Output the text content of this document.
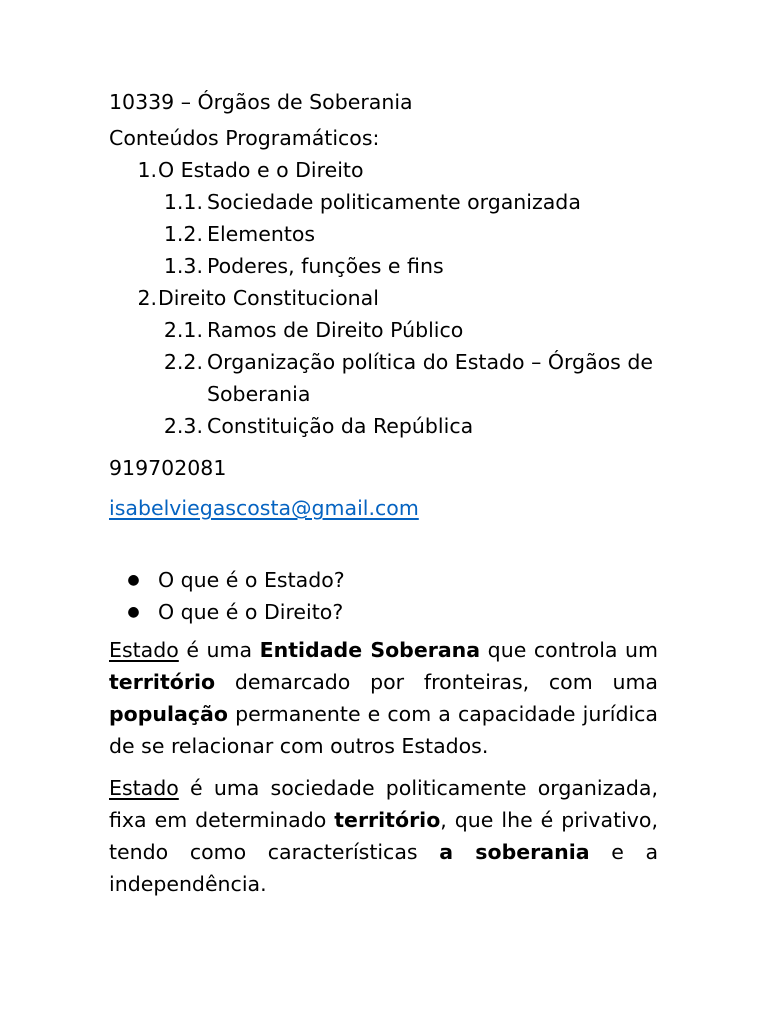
10339 – Órgãos de Soberania
Conteúdos Programáticos:
1.O Estado e o Direito
1.1. Sociedade politicamente organizada
1.2. Elementos
1.3. Poderes, funções e fins
2.Direito Constitucional
2.1. Ramos de Direito Público
2.2. Organização política do Estado – Órgãos de
Soberania
2.3. Constituição da República
919702081
isabelviegascosta@gmail.com
● O que é o Estado?
● O que é o Direito?

Estado é uma Entidade Soberana que controla um território demarcado por fronteiras, com uma população permanente e com a capacidade jurídica de se relacionar com outros Estados.

Estado é uma sociedade politicamente organizada, fixa em determinado território, que lhe é privativo, tendo como características a soberania e a independência.
